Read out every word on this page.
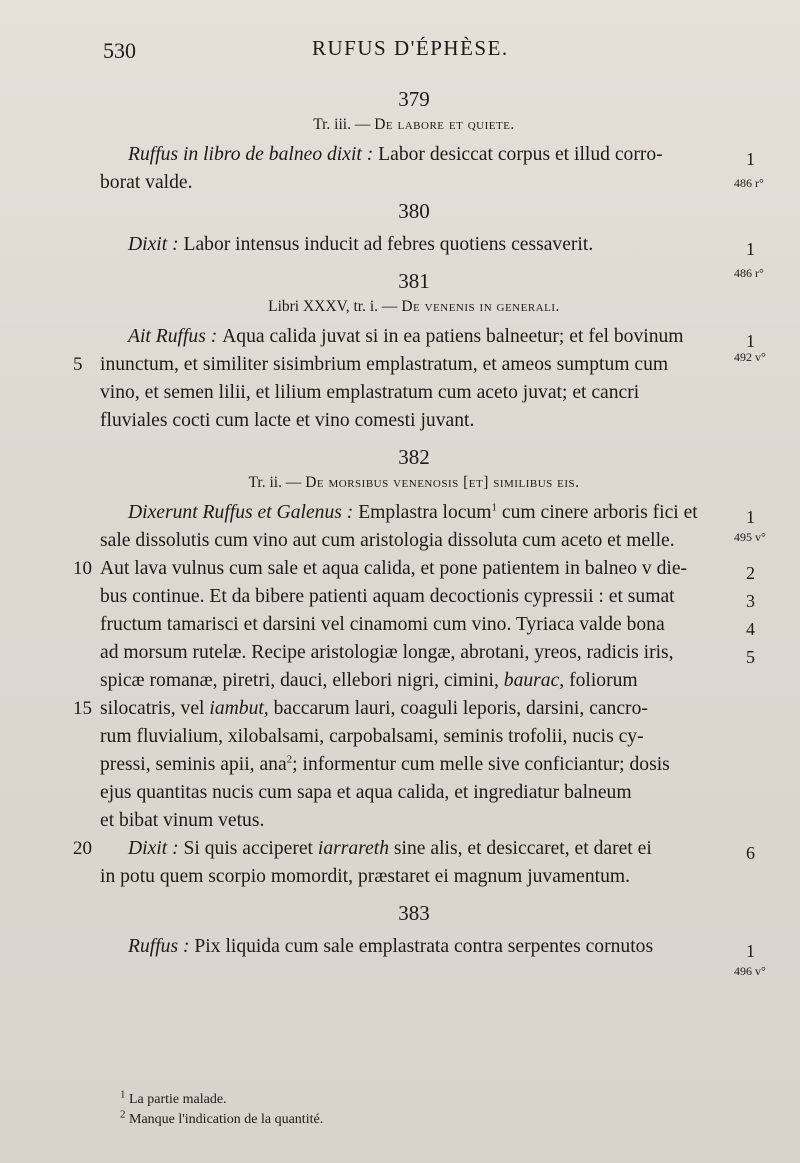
530	RUFUS D'ÉPHÈSE.
379
Tr. iii. — De labore et quiete.
Ruffus in libro de balneo dixit : Labor desiccat corpus et illud corro-
borat valde.
1
486 r°
380
Dixit : Labor intensus inducit ad febres quotiens cessaverit.	1
486 r°
381
Libri XXXV, tr. i. — De venenis in generali.
Ait Ruffus : Aqua calida juvat si in ea patiens balneetur; et fel bovinum
inunctum, et similiter sisimbrium emplastratum, et ameos sumptum cum
vino, et semen lilii, et lilium emplastratum cum aceto juvat; et cancri
fluviales cocti cum lacte et vino comesti juvant.
5
1
492 v°
382
Tr. ii. — De morsibus venenosis [et] similibus eis.
Dixerunt Ruffus et Galenus : Emplastra locum$^1$ cum cinere arboris fici et
sale dissolutis cum vino aut cum aristologia dissoluta cum aceto et melle.
Aut lava vulnus cum sale et aqua calida, et pone patientem in balneo v die-
bus continue. Et da bibere patienti aquam decoctionis cypressii : et sumat
fructum tamarisci et darsini vel cinamomi cum vino. Tyriaca valde bona
ad morsum rutelæ. Recipe aristologiæ longæ, abrotani, yreos, radicis iris,
spicæ romanæ, piretri, dauci, ellebori nigri, cimini, baurac, foliorum
silocatris, vel iambut, baccarum lauri, coaguli leporis, darsini, cancro-
rum fluvialium, xilobalsami, carpobalsami, seminis trofolii, nucis cy-
pressi, seminis apii, ana$^2$; informentur cum melle sive conficiantur; dosis
ejus quantitas nucis cum sapa et aqua calida, et ingrediatur balneum
et bibat vinum vetus.
Dixit : Si quis acciperet iarrareth sine alis, et desiccaret, et daret ei
in potu quem scorpio momordit, præstaret ei magnum juvamentum.
10
15
20
1
495 v°
2
3
4
5
6
383
Ruffus : Pix liquida cum sale emplastrata contra serpentes cornutos	1
496 v°
$^1$ La partie malade.
$^2$ Manque l'indication de la quantité.
